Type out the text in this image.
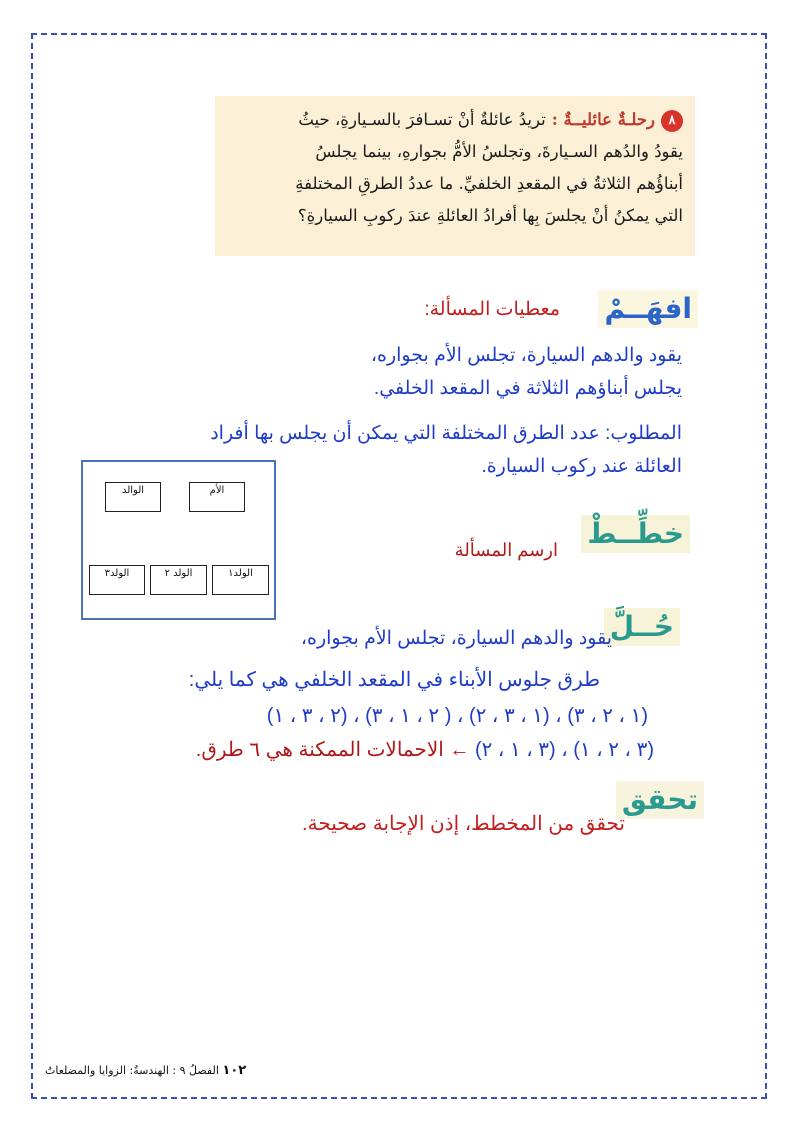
٨رحلـةٌ عائليــةٌ :تريدُ عائلةٌ أنْ تسـافرَ بالسـيارةِ، حيثُ
يقودُ والدُهم السـيارةَ، وتجلسُ الأمُّ بجوارهِ، بينما يجلسُ
أبناؤُهم الثلاثةُ في المقعدِ الخلفيِّ. ما عددُ الطرقِ المختلفةِ
التي يمكنُ أنْ يجلسَ بِها أفرادُ العائلةِ عندَ ركوبِ السيارةِ؟
افهَــمْ
معطيات المسألة:
يقود والدهم السيارة، تجلس الأم بجواره،
يجلس أبناؤهم الثلاثة في المقعد الخلفي.
المطلوب: عدد الطرق المختلفة التي يمكن أن يجلس بها أفراد
العائلة عند ركوب السيارة.
الوالد	الأم
الولد٣	الولد ٢	الولد١
خطِّــطْ
ارسم المسألة
حُــلَّ
يقود والدهم السيارة، تجلس الأم بجواره،
طرق جلوس الأبناء في المقعد الخلفي هي كما يلي:
(١ ، ٢ ، ٣) ، (١ ، ٣ ، ٢) ، ( ٢ ، ١ ، ٣) ، (٢ ، ٣ ، ١)
(٣ ، ٢ ، ١) ، (٣ ، ١ ، ٢) ← الاحمالات الممكنة هي ٦ طرق.
تحقق
تحقق من المخطط، إذن الإجابة صحيحة.
١٠٢ الفصلُ ٩ : الهندسةُ: الزوايا والمضلعاتُ
